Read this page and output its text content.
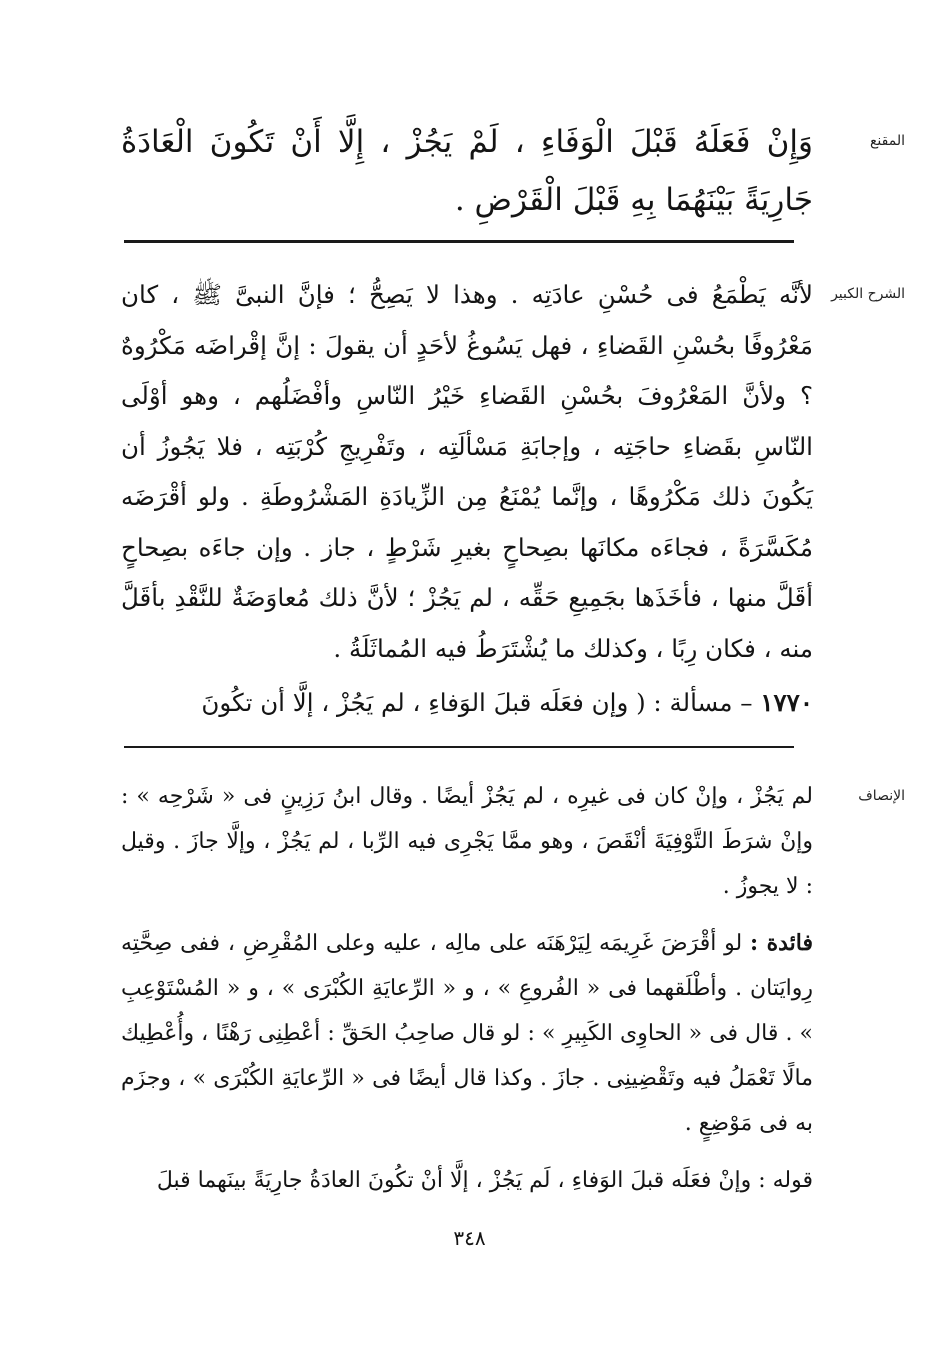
المقنع

وَإِنْ فَعَلَهُ قَبْلَ الْوَفَاءِ ، لَمْ يَجُزْ ، إِلَّا أَنْ تَكُونَ الْعَادَةُ جَارِيَةً بَيْنَهُمَا بِهِ قَبْلَ الْقَرْضِ .

الشرح الكبير

لأنَّه يَطْمَعُ فى حُسْنِ عادَتِه . وهذا لا يَصِحُّ ؛ فإنَّ النبىَّ ﷺ ، كان مَعْرُوفًا بحُسْنِ القَضاءِ ، فهل يَسُوغُ لأحَدٍ أن يقولَ : إنَّ إقْراضَه مَكْرُوهٌ ؟ ولأنَّ المَعْرُوفَ بحُسْنِ القَضاءِ خَيْرُ النّاسِ وأفْضَلُهم ، وهو أوْلَى النّاسِ بقَضاءِ حاجَتِه ، وإجابَةِ مَسْألَتِه ، وتَفْرِيجِ كُرْبَتِه ، فلا يَجُوزُ أن يَكُونَ ذلك مَكْرُوهًا ، وإنَّما يُمْنَعُ مِن الزِّيادَةِ المَشْرُوطَةِ . ولو أقْرَضَه مُكَسَّرَةً ، فجاءَه مكانَها بصِحاحٍ بغيرِ شَرْطٍ ، جاز . وإن جاءَه بصِحاحٍ أقَلَّ منها ، فأخَذَها بجَمِيعِ حَقِّه ، لم يَجُزْ ؛ لأنَّ ذلك مُعاوَضَةٌ للنَّقْدِ بأقَلَّ منه ، فكان رِبًا ، وكذلك ما يُشْتَرَطُ فيه المُماثَلَةُ .

١٧٧٠ – مسألة : ( وإن فعَلَه قبلَ الوَفاءِ ، لم يَجُزْ ، إلَّا أن تكُونَ

الإنصاف

لم يَجُزْ ، وإنْ كان فى غيرِه ، لم يَجُزْ أيضًا . وقال ابنُ رَزِينٍ فى « شَرْحِه » : وإنْ شرَطَ التَّوْفِيَةَ أنْقَصَ ، وهو ممَّا يَجْرِى فيه الرِّبا ، لم يَجُزْ ، وإلَّا جازَ . وقيل : لا يجوزُ .

فائدة : لو أقْرَضَ غَرِيمَه لِيَرْهَنَه على مالِه ، عليه وعلى المُقْرِضِ ، ففى صِحَّتِه رِوايَتان . وأطْلَقهما فى « الفُروعِ » ، و « الرِّعايَةِ الكُبْرَى » ، و « المُسْتَوْعِبِ » . قال فى « الحاوِى الكَبِيرِ » : لو قال صاحِبُ الحَقِّ : أعْطِنِى رَهْنًا ، وأُعْطِيك مالًا تَعْمَلُ فيه وتَقْضِينِى . جازَ . وكذا قال أيضًا فى « الرِّعايَةِ الكُبْرَى » ، وجزَم به فى مَوْضِعٍ .

قوله : وإنْ فعَلَه قبلَ الوَفاءِ ، لَم يَجُزْ ، إلَّا أنْ تكُونَ العادَةُ جارِيَةً بينَهما قبلَ

٣٤٨
